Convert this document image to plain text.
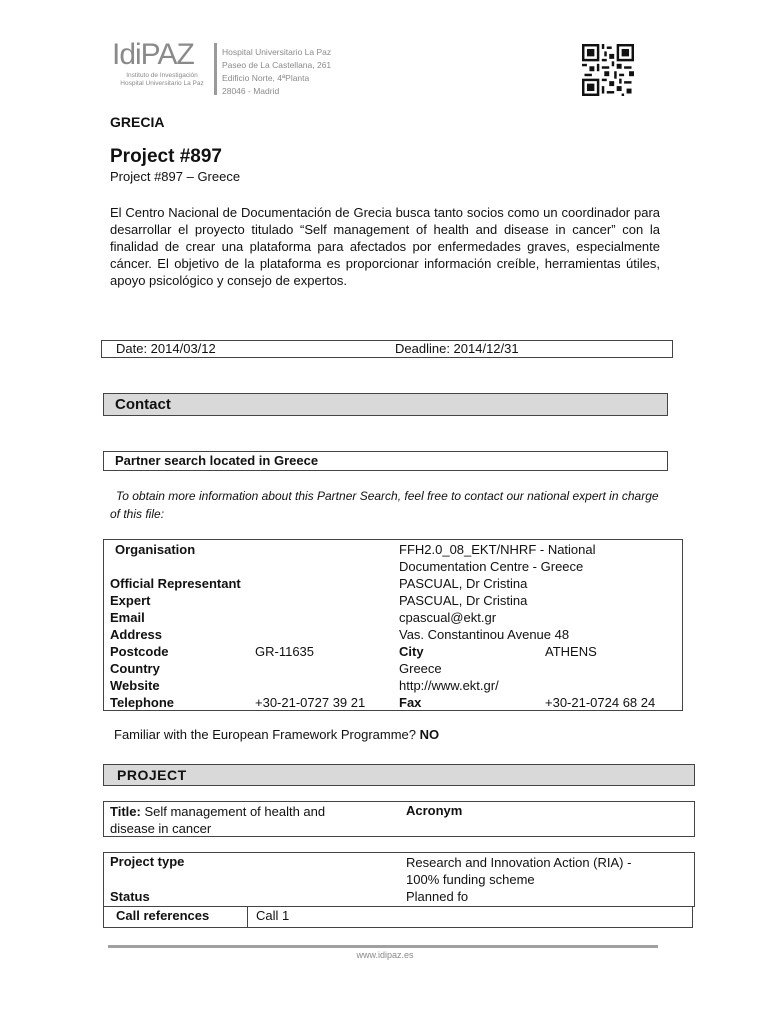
IdiPAZ
Instituto de Investigación
Hospital Universitario La Paz
Hospital Universitario La Paz
Paseo de La Castellana, 261
Edificio Norte, 4ªPlanta
28046 - Madrid
GRECIA
Project #897
Project #897 – Greece
El Centro Nacional de Documentación de Grecia busca tanto socios como un coordinador para desarrollar el proyecto titulado “Self management of health and disease in cancer” con la finalidad de crear una plataforma para afectados por enfermedades graves, especialmente cáncer. El objetivo de la plataforma es proporcionar información creíble, herramientas útiles, apoyo psicológico y consejo de expertos.
Date: 2014/03/12	Deadline: 2014/12/31
Contact
Partner search located in Greece
To obtain more information about this Partner Search, feel free to contact our national expert in charge of this file:
Organisation	FFH2.0_08_EKT/NHRF - National
Documentation Centre - Greece
Official Representant	PASCUAL, Dr Cristina
Expert	PASCUAL, Dr Cristina
Email	cpascual@ekt.gr
Address	Vas. Constantinou Avenue 48
Postcode	GR-11635	City	ATHENS
Country	Greece
Website	http://www.ekt.gr/
Telephone	+30-21-0727 39 21	Fax	+30-21-0724 68 24
Familiar with the European Framework Programme? NO
PROJECT
Title: Self management of health and
disease in cancer
Acronym
Project type	Research and Innovation Action (RIA) -
100% funding scheme
Status	Planned fo
Call references	Call 1
www.idipaz.es
